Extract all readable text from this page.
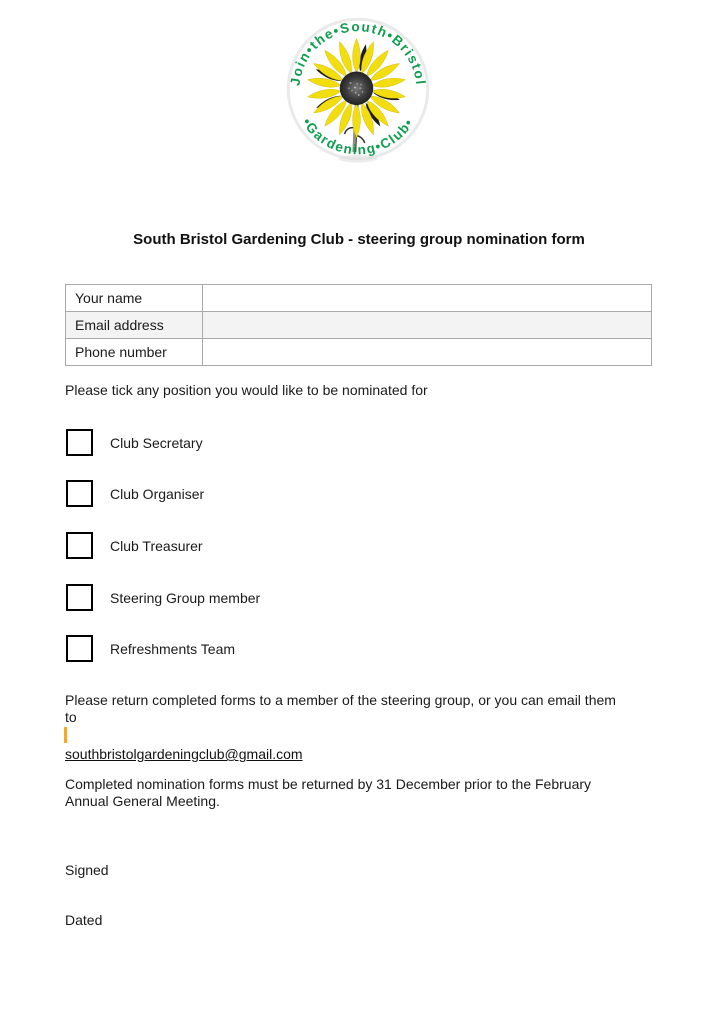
Join•the•South•Bristol
•Gardening•Club•
South Bristol Gardening Club - steering group nomination form
Your name	
Email address	
Phone number	

Please tick any position you would like to be nominated for

Club Secretary
Club Organiser
Club Treasurer
Steering Group member
Refreshments Team

Please return completed forms to a member of the steering group, or you can email them
to

southbristolgardeningclub@gmail.com
Completed nomination forms must be returned by 31 December prior to the February
Annual General Meeting.

Signed

Dated
